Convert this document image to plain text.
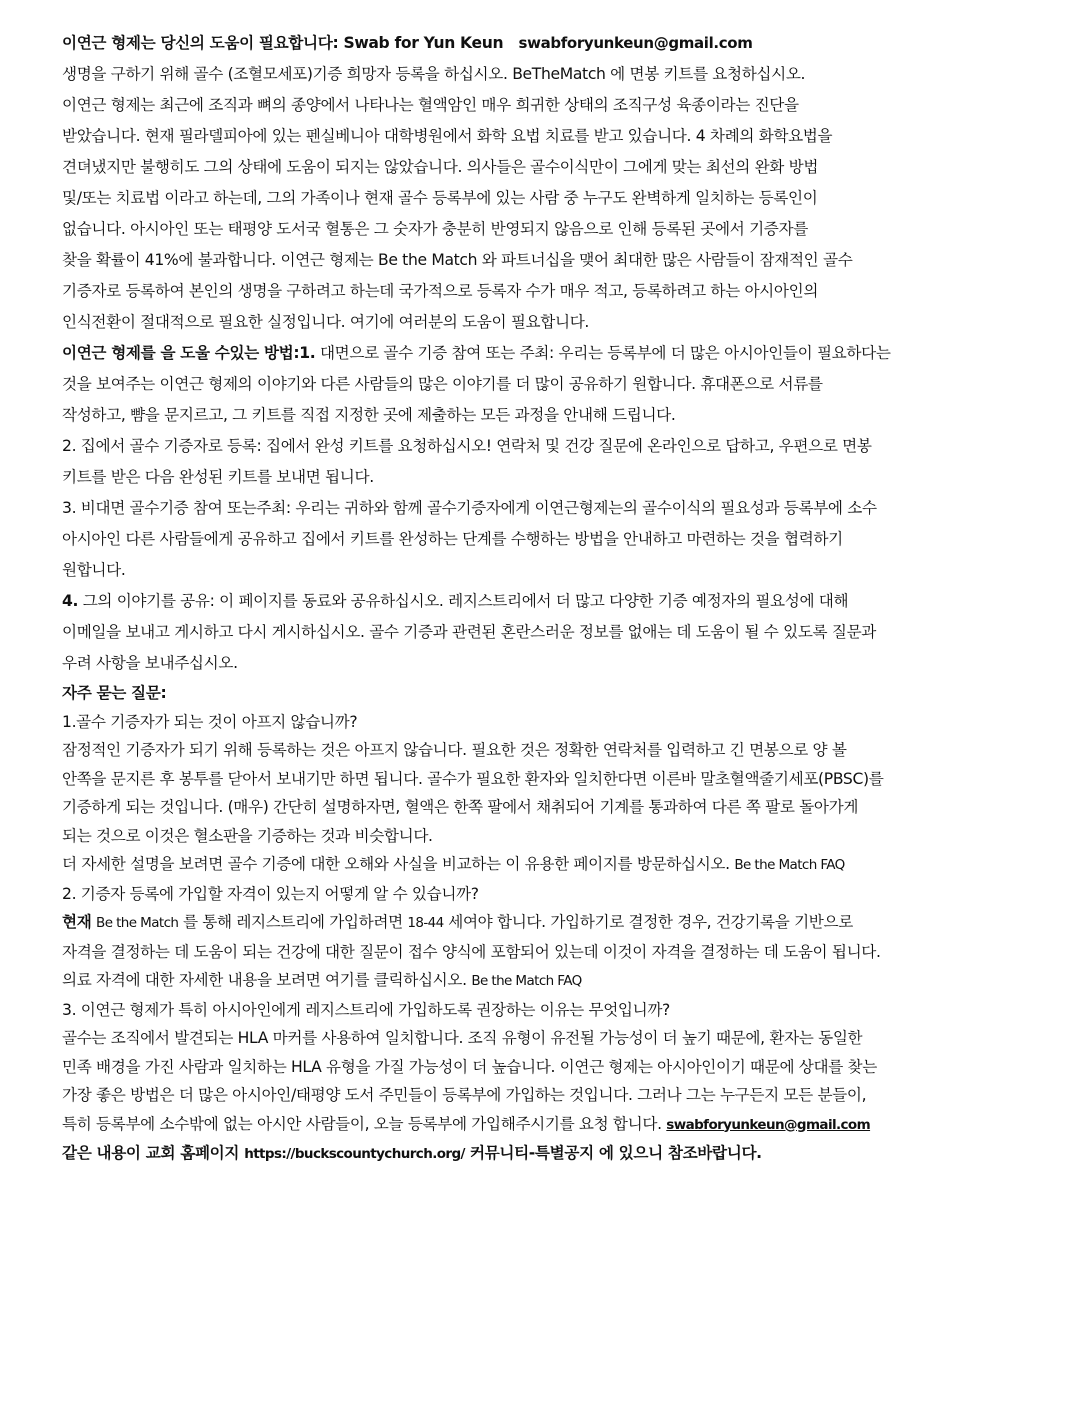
이연근 형제는 당신의 도움이 필요합니다: Swab for Yun Keun swabforyunkeun@gmail.com
생명을 구하기 위해 골수 (조혈모세포)기증 희망자 등록을 하십시오. BeTheMatch 에 면봉 키트를 요청하십시오.
이연근 형제는 최근에 조직과 뼈의 종양에서 나타나는 혈액암인 매우 희귀한 상태의 조직구성 육종이라는 진단을
받았습니다. 현재 필라델피아에 있는 펜실베니아 대학병원에서 화학 요법 치료를 받고 있습니다. 4 차례의 화학요법을
견뎌냈지만 불행히도 그의 상태에 도움이 되지는 않았습니다. 의사들은 골수이식만이 그에게 맞는 최선의 완화 방법
및/또는 치료법 이라고 하는데, 그의 가족이나 현재 골수 등록부에 있는 사람 중 누구도 완벽하게 일치하는 등록인이
없습니다. 아시아인 또는 태평양 도서국 혈통은 그 숫자가 충분히 반영되지 않음으로 인해 등록된 곳에서 기증자를
찾을 확률이 41%에 불과합니다. 이연근 형제는 Be the Match 와 파트너십을 맺어 최대한 많은 사람들이 잠재적인 골수
기증자로 등록하여 본인의 생명을 구하려고 하는데 국가적으로 등록자 수가 매우 적고, 등록하려고 하는 아시아인의
인식전환이 절대적으로 필요한 실정입니다. 여기에 여러분의 도움이 필요합니다.
이연근 형제를 을 도울 수있는 방법:1. 대면으로 골수 기증 참여 또는 주최: 우리는 등록부에 더 많은 아시아인들이 필요하다는
것을 보여주는 이연근 형제의 이야기와 다른 사람들의 많은 이야기를 더 많이 공유하기 원합니다. 휴대폰으로 서류를
작성하고, 뺨을 문지르고, 그 키트를 직접 지정한 곳에 제출하는 모든 과정을 안내해 드립니다.
2. 집에서 골수 기증자로 등록: 집에서 완성 키트를 요청하십시오! 연락처 및 건강 질문에 온라인으로 답하고, 우편으로 면봉
키트를 받은 다음 완성된 키트를 보내면 됩니다.
3. 비대면 골수기증 참여 또는주최: 우리는 귀하와 함께 골수기증자에게 이연근형제는의 골수이식의 필요성과 등록부에 소수
아시아인 다른 사람들에게 공유하고 집에서 키트를 완성하는 단계를 수행하는 방법을 안내하고 마련하는 것을 협력하기
원합니다.
4. 그의 이야기를 공유: 이 페이지를 동료와 공유하십시오. 레지스트리에서 더 많고 다양한 기증 예정자의 필요성에 대해
이메일을 보내고 게시하고 다시 게시하십시오. 골수 기증과 관련된 혼란스러운 정보를 없애는 데 도움이 될 수 있도록 질문과
우려 사항을 보내주십시오.
자주 묻는 질문:
1.골수 기증자가 되는 것이 아프지 않습니까?
잠정적인 기증자가 되기 위해 등록하는 것은 아프지 않습니다. 필요한 것은 정확한 연락처를 입력하고 긴 면봉으로 양 볼
안쪽을 문지른 후 봉투를 닫아서 보내기만 하면 됩니다. 골수가 필요한 환자와 일치한다면 이른바 말초혈액줄기세포(PBSC)를
기증하게 되는 것입니다. (매우) 간단히 설명하자면, 혈액은 한쪽 팔에서 채취되어 기계를 통과하여 다른 쪽 팔로 돌아가게
되는 것으로 이것은 혈소판을 기증하는 것과 비슷합니다.
더 자세한 설명을 보려면 골수 기증에 대한 오해와 사실을 비교하는 이 유용한 페이지를 방문하십시오. Be the Match FAQ
2. 기증자 등록에 가입할 자격이 있는지 어떻게 알 수 있습니까?
현재 Be the Match 를 통해 레지스트리에 가입하려면 18-44 세여야 합니다. 가입하기로 결정한 경우, 건강기록을 기반으로
자격을 결정하는 데 도움이 되는 건강에 대한 질문이 접수 양식에 포함되어 있는데 이것이 자격을 결정하는 데 도움이 됩니다.
의료 자격에 대한 자세한 내용을 보려면 여기를 클릭하십시오. Be the Match FAQ
3. 이연근 형제가 특히 아시아인에게 레지스트리에 가입하도록 권장하는 이유는 무엇입니까?
골수는 조직에서 발견되는 HLA 마커를 사용하여 일치합니다. 조직 유형이 유전될 가능성이 더 높기 때문에, 환자는 동일한
민족 배경을 가진 사람과 일치하는 HLA 유형을 가질 가능성이 더 높습니다. 이연근 형제는 아시아인이기 때문에 상대를 찾는
가장 좋은 방법은 더 많은 아시아인/태평양 도서 주민들이 등록부에 가입하는 것입니다. 그러나 그는 누구든지 모든 분들이,
특히 등록부에 소수밖에 없는 아시안 사람들이, 오늘 등록부에 가입해주시기를 요청 합니다. swabforyunkeun@gmail.com
같은 내용이 교회 홈페이지 https://buckscountychurch.org/ 커뮤니티-특별공지 에 있으니 참조바랍니다.
